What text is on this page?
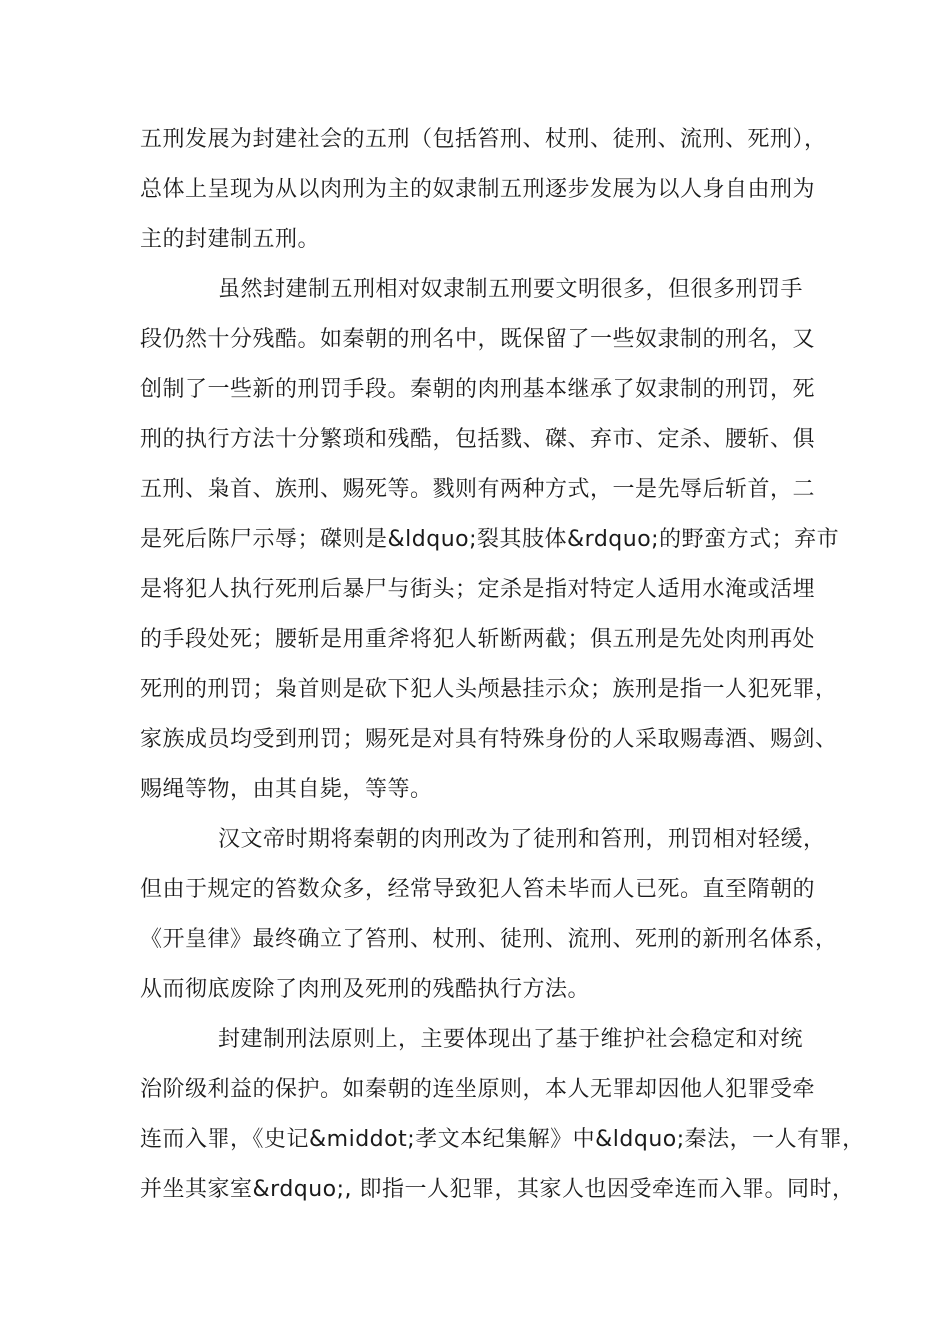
五刑发展为封建社会的五刑（包括笞刑、杖刑、徒刑、流刑、死刑），
总体上呈现为从以肉刑为主的奴隶制五刑逐步发展为以人身自由刑为
主的封建制五刑。
虽然封建制五刑相对奴隶制五刑要文明很多，但很多刑罚手
段仍然十分残酷。如秦朝的刑名中，既保留了一些奴隶制的刑名，又
创制了一些新的刑罚手段。秦朝的肉刑基本继承了奴隶制的刑罚，死
刑的执行方法十分繁琐和残酷，包括戮、磔、弃市、定杀、腰斩、俱
五刑、枭首、族刑、赐死等。戮则有两种方式，一是先辱后斩首，二
是死后陈尸示辱；磔则是&ldquo;裂其肢体&rdquo;的野蛮方式；弃市
是将犯人执行死刑后暴尸与街头；定杀是指对特定人适用水淹或活埋
的手段处死；腰斩是用重斧将犯人斩断两截；俱五刑是先处肉刑再处
死刑的刑罚；枭首则是砍下犯人头颅悬挂示众；族刑是指一人犯死罪，
家族成员均受到刑罚；赐死是对具有特殊身份的人采取赐毒酒、赐剑、
赐绳等物，由其自毙，等等。
汉文帝时期将秦朝的肉刑改为了徒刑和笞刑，刑罚相对轻缓，
但由于规定的笞数众多，经常导致犯人笞未毕而人已死。直至隋朝的
《开皇律》最终确立了笞刑、杖刑、徒刑、流刑、死刑的新刑名体系，
从而彻底废除了肉刑及死刑的残酷执行方法。
封建制刑法原则上，主要体现出了基于维护社会稳定和对统
治阶级利益的保护。如秦朝的连坐原则，本人无罪却因他人犯罪受牵
连而入罪，《史记&middot;孝文本纪集解》中&ldquo;秦法，一人有罪，
并坐其家室&rdquo;, 即指一人犯罪，其家人也因受牵连而入罪。同时，
